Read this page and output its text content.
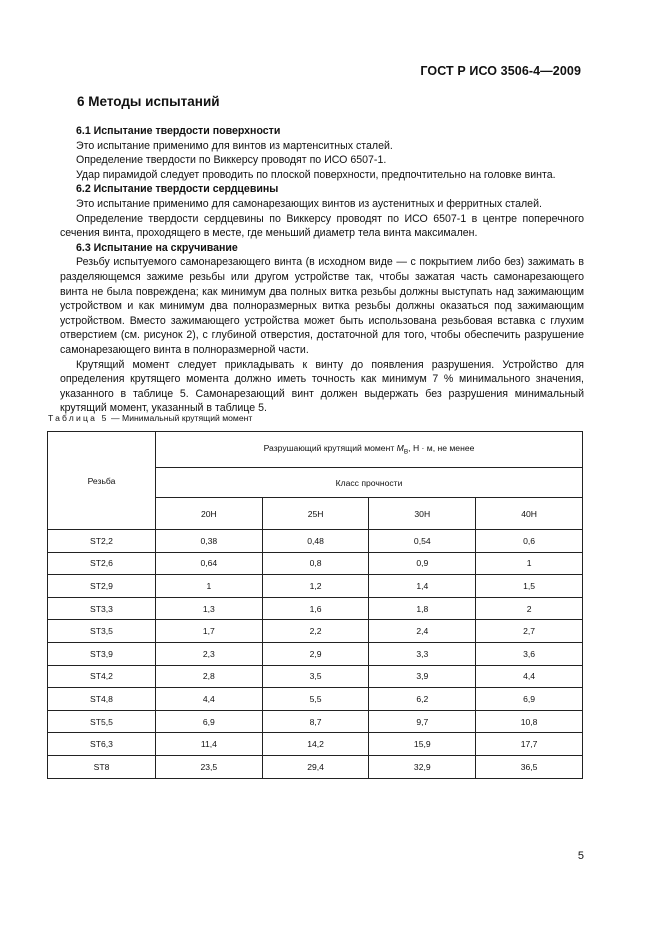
ГОСТ Р ИСО 3506-4—2009
6 Методы испытаний
6.1 Испытание твердости поверхности
Это испытание применимо для винтов из мартенситных сталей.
Определение твердости по Виккерсу проводят по ИСО 6507-1.
Удар пирамидой следует проводить по плоской поверхности, предпочтительно на головке винта.
6.2 Испытание твердости сердцевины
Это испытание применимо для самонарезающих винтов из аустенитных и ферритных сталей.
Определение твердости сердцевины по Виккерсу проводят по ИСО 6507-1 в центре поперечного сечения винта, проходящего в месте, где меньший диаметр тела винта максимален.
6.3 Испытание на скручивание
Резьбу испытуемого самонарезающего винта (в исходном виде — с покрытием либо без) зажимать в разделяющемся зажиме резьбы или другом устройстве так, чтобы зажатая часть самонарезающего винта не была повреждена; как минимум два полных витка резьбы должны выступать над зажимающим устройством и как минимум два полноразмерных витка резьбы должны оказаться под зажимающим устройством. Вместо зажимающего устройства может быть использована резьбовая вставка с глухим отверстием (см. рисунок 2), с глубиной отверстия, достаточной для того, чтобы обеспечить разрушение самонарезающего винта в полноразмерной части.
Крутящий момент следует прикладывать к винту до появления разрушения. Устройство для определения крутящего момента должно иметь точность как минимум 7 % минимального значения, указанного в таблице 5. Самонарезающий винт должен выдержать без разрушения минимальный крутящий момент, указанный в таблице 5.
Таблица 5 — Минимальный крутящий момент
Резьба	Разрушающий крутящий момент $M_B$, Н · м, не менее			
	Класс прочности			
	20H	25H	30H	40H
ST2,2	0,38	0,48	0,54	0,6
ST2,6	0,64	0,8	0,9	1
ST2,9	1	1,2	1,4	1,5
ST3,3	1,3	1,6	1,8	2
ST3,5	1,7	2,2	2,4	2,7
ST3,9	2,3	2,9	3,3	3,6
ST4,2	2,8	3,5	3,9	4,4
ST4,8	4,4	5,5	6,2	6,9
ST5,5	6,9	8,7	9,7	10,8
ST6,3	11,4	14,2	15,9	17,7
ST8	23,5	29,4	32,9	36,5
5
